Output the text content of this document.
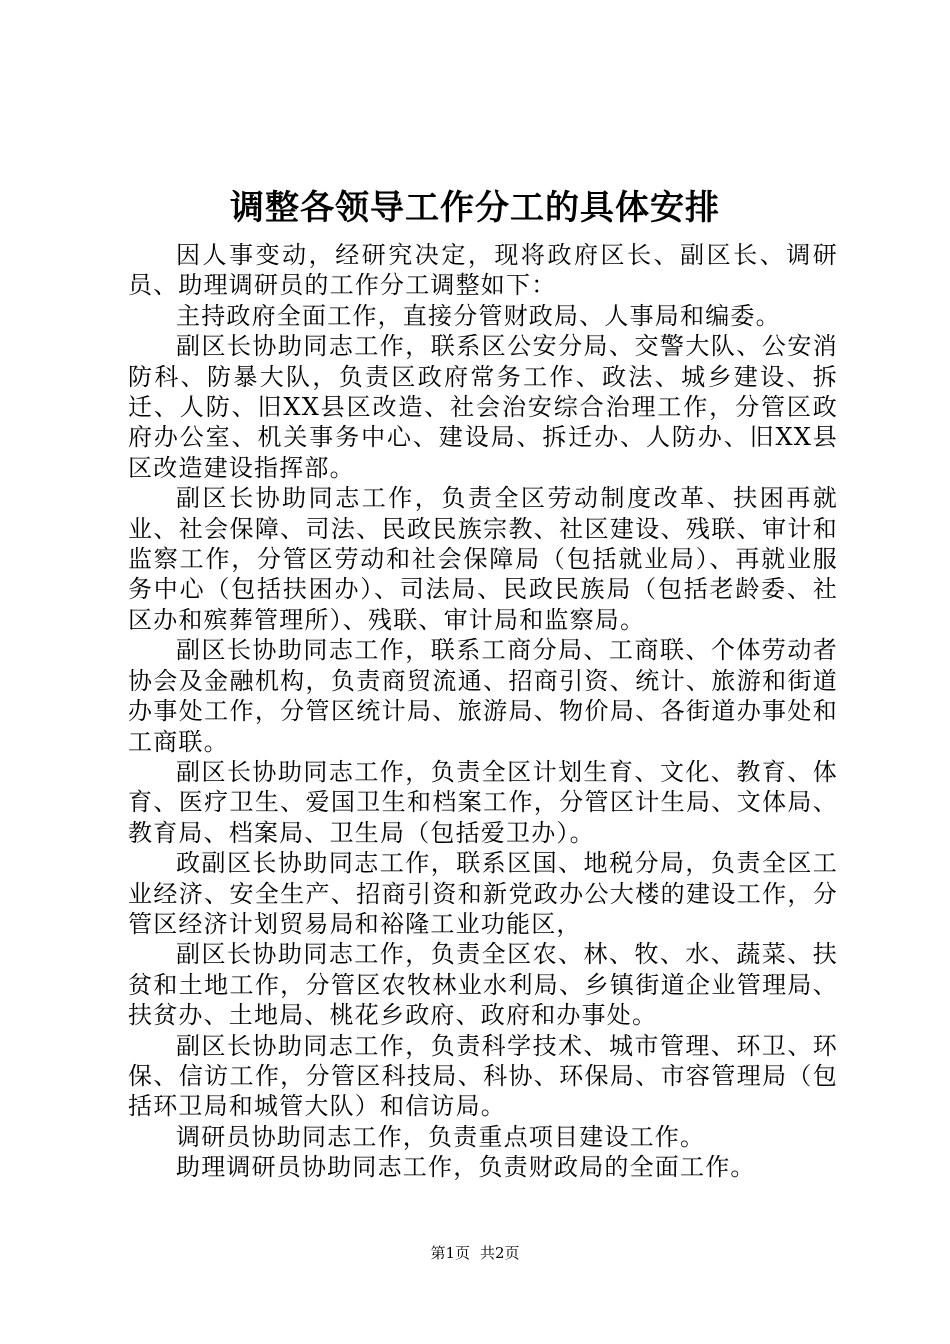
调整各领导工作分工的具体安排

因人事变动，经研究决定，现将政府区长、副区长、调研员、助理调研员的工作分工调整如下：

主持政府全面工作，直接分管财政局、人事局和编委。

副区长协助同志工作，联系区公安分局、交警大队、公安消防科、防暴大队，负责区政府常务工作、政法、城乡建设、拆迁、人防、旧XX县区改造、社会治安综合治理工作，分管区政府办公室、机关事务中心、建设局、拆迁办、人防办、旧XX县区改造建设指挥部。

副区长协助同志工作，负责全区劳动制度改革、扶困再就业、社会保障、司法、民政民族宗教、社区建设、残联、审计和监察工作，分管区劳动和社会保障局（包括就业局）、再就业服务中心（包括扶困办）、司法局、民政民族局（包括老龄委、社区办和殡葬管理所）、残联、审计局和监察局。

副区长协助同志工作，联系工商分局、工商联、个体劳动者协会及金融机构，负责商贸流通、招商引资、统计、旅游和街道办事处工作，分管区统计局、旅游局、物价局、各街道办事处和工商联。

副区长协助同志工作，负责全区计划生育、文化、教育、体育、医疗卫生、爱国卫生和档案工作，分管区计生局、文体局、教育局、档案局、卫生局（包括爱卫办）。

政副区长协助同志工作，联系区国、地税分局，负责全区工业经济、安全生产、招商引资和新党政办公大楼的建设工作，分管区经济计划贸易局和裕隆工业功能区，

副区长协助同志工作，负责全区农、林、牧、水、蔬菜、扶贫和土地工作，分管区农牧林业水利局、乡镇街道企业管理局、扶贫办、土地局、桃花乡政府、政府和办事处。

副区长协助同志工作，负责科学技术、城市管理、环卫、环保、信访工作，分管区科技局、科协、环保局、市容管理局（包括环卫局和城管大队）和信访局。

调研员协助同志工作，负责重点项目建设工作。

助理调研员协助同志工作，负责财政局的全面工作。

第1页 共2页
